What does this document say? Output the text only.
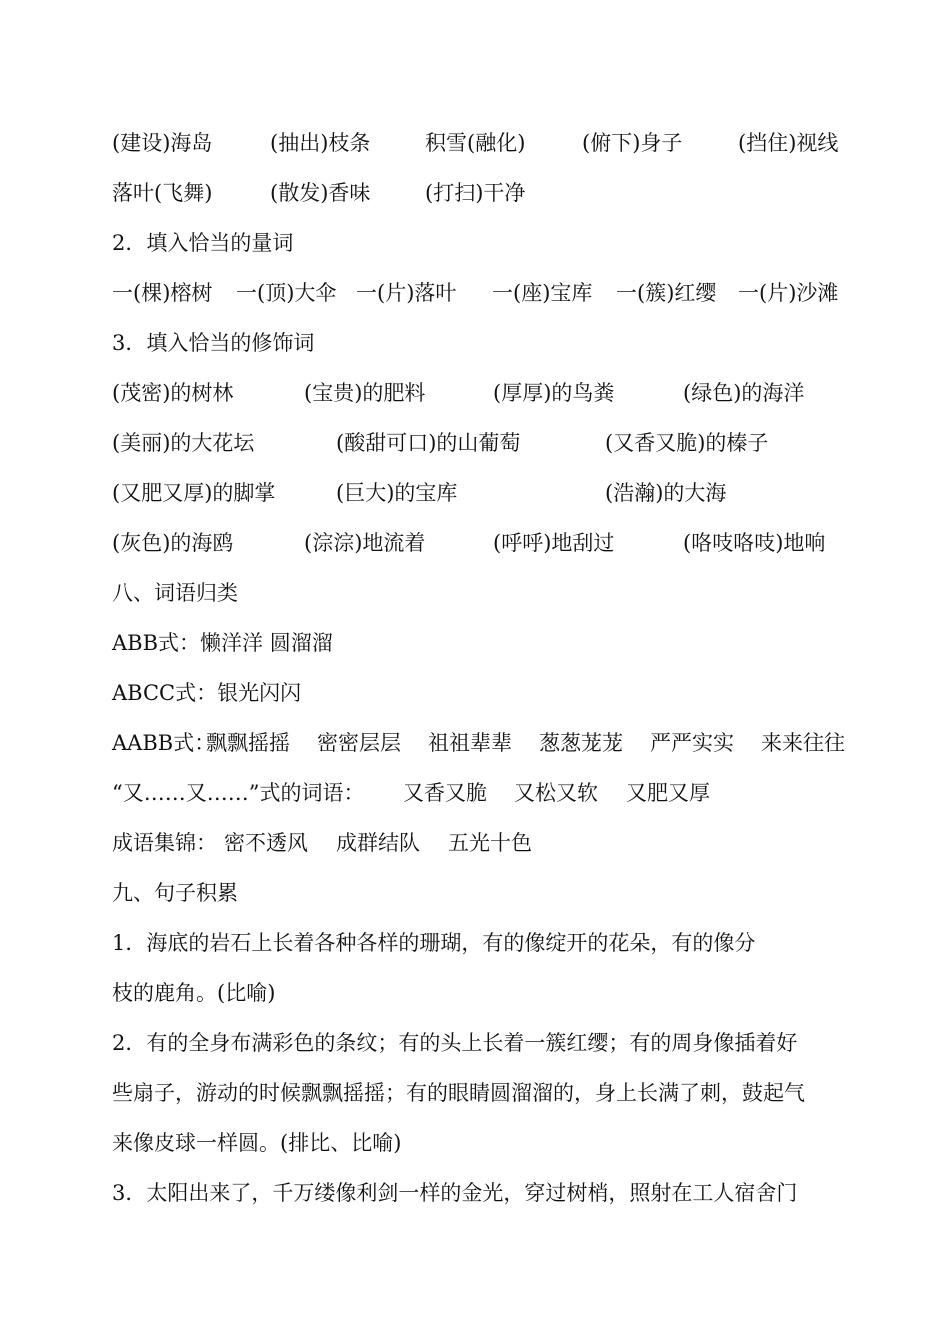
(建设)海岛	(抽出)枝条	积雪(融化)	(俯下)身子	(挡住)视线
落叶(飞舞)	(散发)香味	(打扫)干净
2．填入恰当的量词
一(棵)榕树 一(顶)大伞 一(片)落叶 一(座)宝库 一(簇)红缨 一(片)沙滩
3．填入恰当的修饰词
(茂密)的树林	(宝贵)的肥料	(厚厚)的鸟粪	(绿色)的海洋
(美丽)的大花坛	(酸甜可口)的山葡萄	(又香又脆)的榛子
(又肥又厚)的脚掌	(巨大)的宝库	(浩瀚)的大海
(灰色)的海鸥	(淙淙)地流着	(呼呼)地刮过	(咯吱咯吱)地响
八、词语归类
ABB式：懒洋洋 圆溜溜
ABCC式：银光闪闪
AABB式：
飘飘摇摇 密密层层 祖祖辈辈 葱葱茏茏 严严实实 来来往往
“又……又……”式的词语： 又香又脆 又松又软 又肥又厚
成语集锦： 密不透风 成群结队 五光十色
九、句子积累
1．海底的岩石上长着各种各样的珊瑚，有的像绽开的花朵，有的像分
枝的鹿角。(比喻)
2．有的全身布满彩色的条纹；有的头上长着一簇红缨；有的周身像插着好
些扇子，游动的时候飘飘摇摇；有的眼睛圆溜溜的，身上长满了刺，鼓起气
来像皮球一样圆。(排比、比喻)
3．太阳出来了，千万缕像利剑一样的金光，穿过树梢，照射在工人宿舍门
